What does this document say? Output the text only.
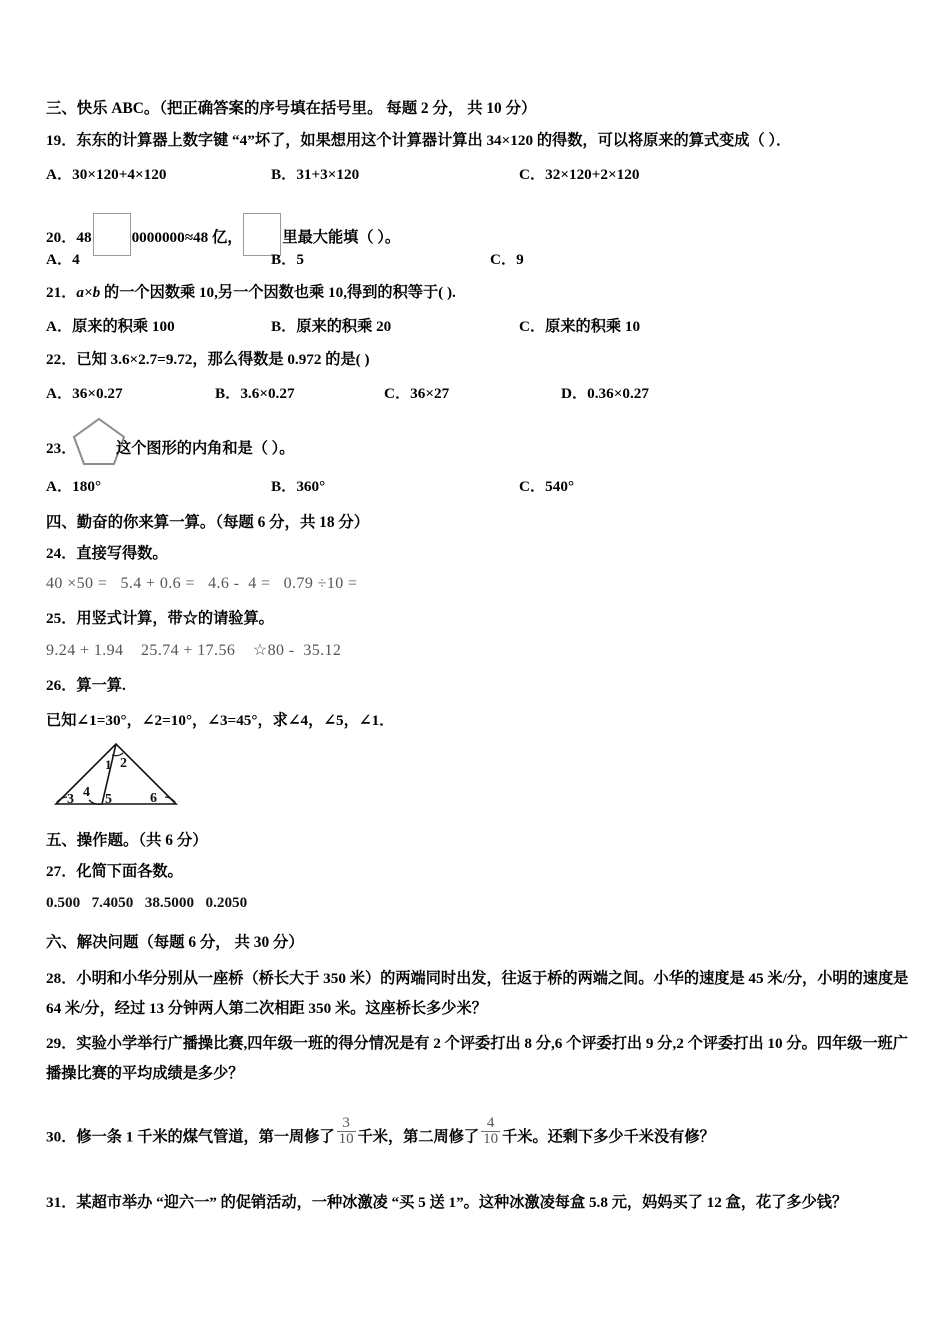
三、快乐 ABC。（把正确答案的序号填在括号里。 每题 2 分， 共 10 分）
19．东东的计算器上数字键 “4”坏了，如果想用这个计算器计算出 34×120 的得数，可以将原来的算式变成（ ）．
A．30×120+4×120	B．31+3×120	C．32×120+2×120
20．48	0000000≈48 亿，	里最大能填（ ）。
A．4	B．5	C．9
21．a×b 的一个因数乘 10,另一个因数也乘 10,得到的积等于( ).
A．原来的积乘 100	B．原来的积乘 20	C．原来的积乘 10
22．已知 3.6×2.7=9.72，那么得数是 0.972 的是( )
A．36×0.27	B．3.6×0.27	C．36×27	D．0.36×0.27
23．	这个图形的内角和是（ ）。
A．180°	B．360°	C．540°
四、勤奋的你来算一算。（每题 6 分，共 18 分）
24．直接写得数。
40 ×50 =   5.4 + 0.6 =   4.6 -  4 =   0.79 ÷10 =
25．用竖式计算，带☆的请验算。
9.24 + 1.94    25.74 + 17.56    ☆80 -  35.12
26．算一算.
已知∠1=30°，∠2=10°，∠3=45°，求∠4，∠5，∠1．
1 2
3 4 5	6
五、操作题。（共 6 分）
27．化简下面各数。
0.500   7.4050   38.5000   0.2050
六、解决问题（每题 6 分， 共 30 分）
28．小明和小华分别从一座桥（桥长大于 350 米）的两端同时出发，往返于桥的两端之间。小华的速度是 45 米/分，小明的速度是 64 米/分，经过 13 分钟两人第二次相距 350 米。这座桥长多少米？
29．实验小学举行广播操比赛,四年级一班的得分情况是有 2 个评委打出 8 分,6 个评委打出 9 分,2 个评委打出 10 分。四年级一班广播操比赛的平均成绩是多少？
30．修一条 1 千米的煤气管道，第一周修了 $\frac{3}{10}$ 千米，第二周修了 $\frac{4}{10}$ 千米。还剩下多少千米没有修？
31．某超市举办 “迎六一” 的促销活动，一种冰激凌 “买 5 送 1”。这种冰激凌每盒 5.8 元，妈妈买了 12 盒，花了多少钱？
